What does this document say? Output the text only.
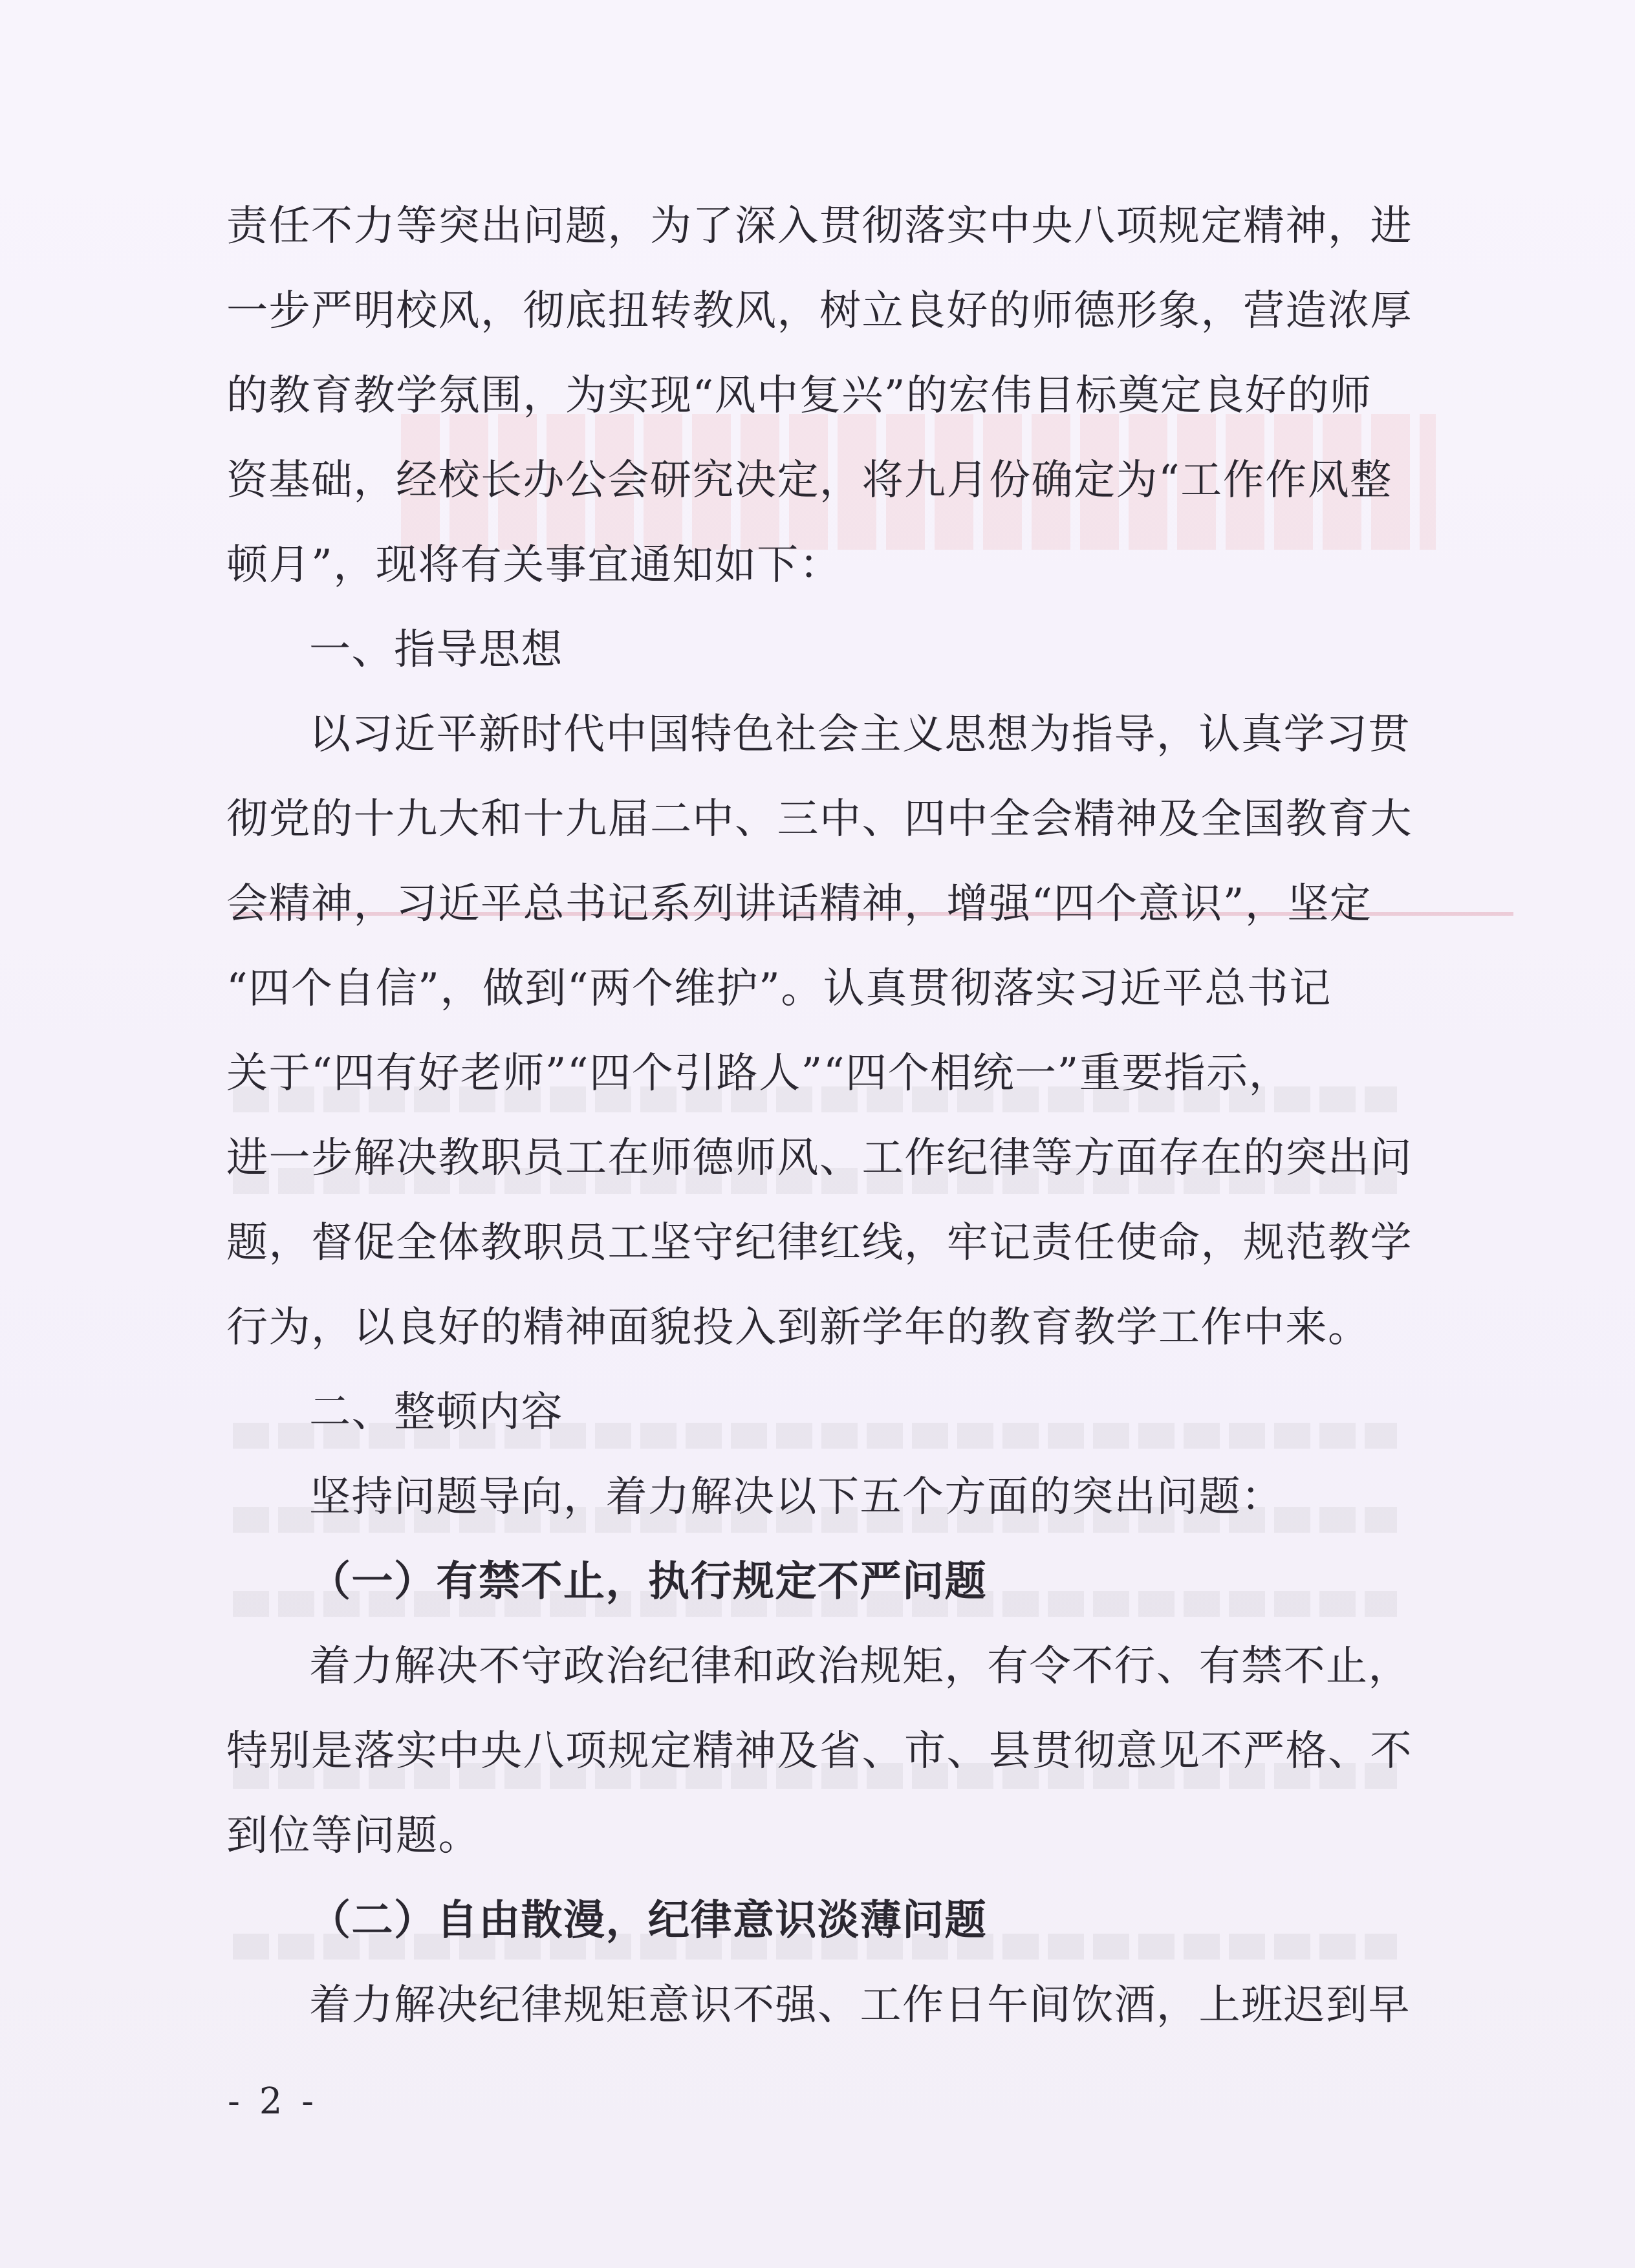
责任不力等突出问题，为了深入贯彻落实中央八项规定精神，进
一步严明校风，彻底扭转教风，树立良好的师德形象，营造浓厚
的教育教学氛围，为实现“风中复兴”的宏伟目标奠定良好的师
资基础，经校长办公会研究决定，将九月份确定为“工作作风整
顿月”，现将有关事宜通知如下：
一、指导思想
以习近平新时代中国特色社会主义思想为指导，认真学习贯
彻党的十九大和十九届二中、三中、四中全会精神及全国教育大
会精神，习近平总书记系列讲话精神，增强“四个意识”，坚定
“四个自信”，做到“两个维护”。认真贯彻落实习近平总书记
关于“四有好老师”“四个引路人”“四个相统一”重要指示，
进一步解决教职员工在师德师风、工作纪律等方面存在的突出问
题，督促全体教职员工坚守纪律红线，牢记责任使命，规范教学
行为，以良好的精神面貌投入到新学年的教育教学工作中来。
二、整顿内容
坚持问题导向，着力解决以下五个方面的突出问题：
（一）有禁不止，执行规定不严问题
着力解决不守政治纪律和政治规矩，有令不行、有禁不止，
特别是落实中央八项规定精神及省、市、县贯彻意见不严格、不
到位等问题。
（二）自由散漫，纪律意识淡薄问题
着力解决纪律规矩意识不强、工作日午间饮酒，上班迟到早
- 2 -
